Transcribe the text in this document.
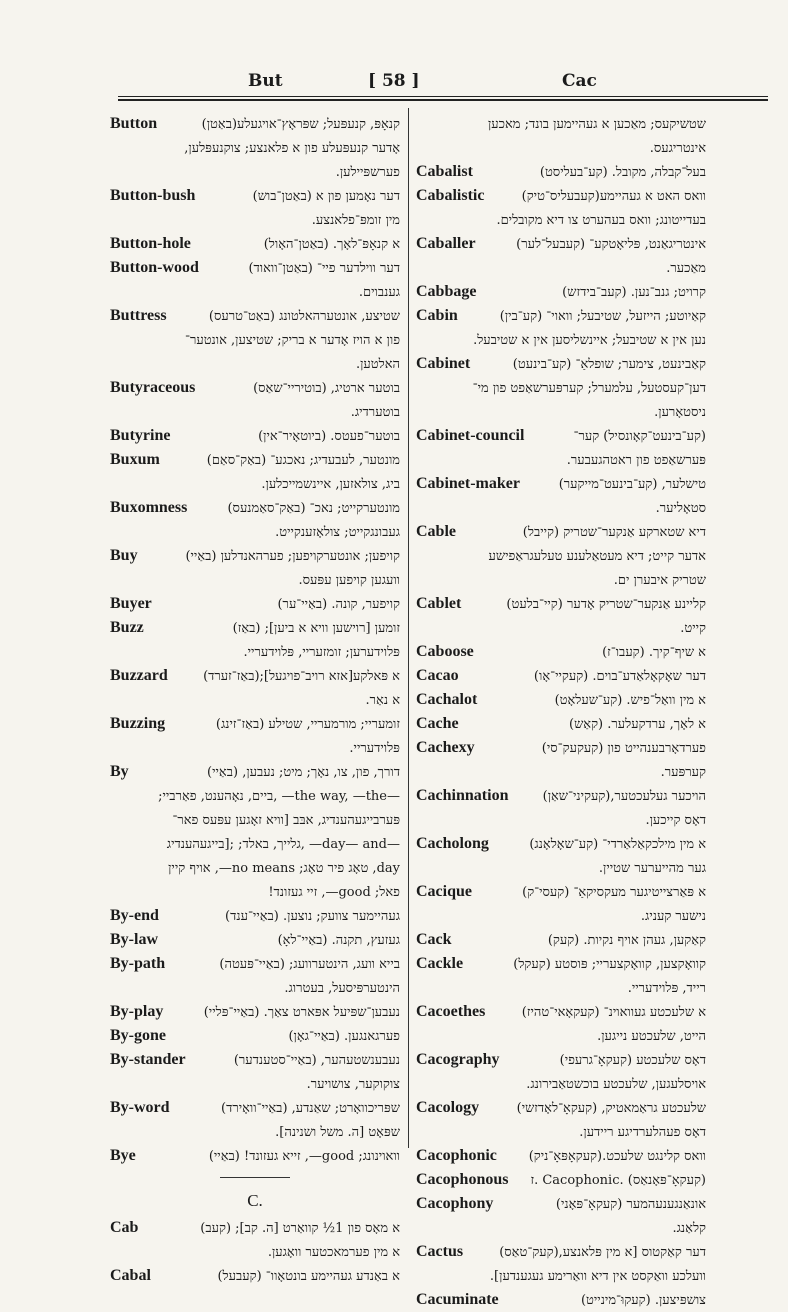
But	[ 58 ]	Cac
Button	קנאָפּ, קנעפּעל; שפּראָץ־אויגעלע(באַטן)
אָדער קנעפּעלע פון א פלאנצע; צוקנעפּלען,
פערשפּיילען.
Button-bush	דער נאָמען פון א (באַטן־בוש)
מין זומפּ־פלאנצע.
Button-hole	א קנאָפּ־לאָך. (באַטן־האָול)
Button-wood	דער ווילדער פיי־ (באַטן־וואוד)
גענבוים.
Buttress	שטיצע, אונטערהאלטונג (באַט־טרעס)
פון א הויז אָדער א בריק; שטיצען, אונטער־
האלטען.
Butyraceous	בוטער ארטיג, (בוטיריי־שאַס)
בוטערדיג.
Butyrine	בוטער־פעטס. (ביוטאָיר־אין)
Buxum	מונטער, לעבעדיג; נאכגע־ (באַק־סאַם)
ביג, צולאזען, איינשמייכלען.
Buxomness	מונטערקייט; נאכ־ (באַק־סאַמנעס)
געבונגקייט; צולאָזענקייט.
Buy	קויפען; אונטערקויפען; פערהאנדלען (באַיי)
וועגען קויפען עפּעס.
Buyer	קויפער, קונה. (באַיי־ער)
Buzz	זומען [רוישען וויא א ביען]; (באַז)
פּלוידערען; זומזעריי, פּלוידעריי.
Buzzard	א פּאלקע[אזא רויב־פויגעל];(באַז־זערד)
א נאַר.
Buzzing	זומעריי; מורמעריי, שטילע (באַז־זינג)
פּלוידעריי.
By	דורך, פון, צו, נאָך; מיט; נעבען, (באַיי)
—the way, —the— ,ביים, נאָהענט, פאַרביי;
פּערבייגעהענדיג, אבּב [וויא זאָגען עפּעס פאר־
—day— and— ,גלייך, באלד; ;[בייגעהענדיג
day, טאָג פיר טאָג; no means—, אויף קיין
פאל; good—, זיי געזונד!
By-end	געהיימער צוועק; נוצען. (באַיי־ענד)
By-law	געזעץ, תקנה. (באַיי־לאָ)
By-path	בייא וועג, הינטערוועג; (באַיי־פּעטה)
הינטערפּיסעל, בעטרוג.
By-play	נעבען־שפּיעל אפּארט צאַך. (באַיי־פּליי)
By-gone	פערגאנגען. (באַיי־גאָן)
By-stander	נעבענשטעהער, (באַיי־סטענדער)
צוקוקער, צושויער.
By-word	שפּריכוואָרט; שאַנדע, (באַיי־וואָירד)
שפּאָט [ה. משל ושנינה].
Bye	וואוינונג; good—, זייא געזונד! (באַיי)
C.
Cab	א מאָס פון 1½ קוואַרט [ה. קב]; (קעב)
א מין פערמאכטער וואָגען.
Cabal	א באַנדע געהיימע בונטאָוו־ (קעבעל)
שטשיקעס; מאַכען א געהיימען בונד; מאכען
אינטריגעס.
Cabalist	בעל־קבלה, מקובל. (קע־בעליסט)
Cabalistic	וואס האט א געהיימע(קעבעליס־טיק)
בעדייטונג; וואס בעהערט צו דיא מקובלים.
Caballer	אינטריגאַנט, פּליאָטקע־ (קעבעל־לער)
מאַכער.
Cabbage	קרויט; גנב־נען. (קעב־בידזש)
Cabin	קאַיוטע; הייזעל, שטיבעל; וואוי־ (קע־בין)
נען אין א שטיבעל; איינשליסען אין א שטיבעל.
Cabinet	קאַבינעט, צימער; שופלאַ־ (קע־בינעט)
דען־קעסטעל, עלמערל; קערפּערשאַפט פון מי־
ניסטאָרען.
Cabinet-council	(קע־בינעט־קאָונסיל) קער־
פּערשאַפט פון ראטהגעבער.
Cabinet-maker	טישלער, (קע־בינעט־מייקער)
סטאָליער.
Cable	דיא שטארקע אַנקער־שטריק (קייבל)
אדער קייט; דיא מעטאַלענע טעלעגראַפישע
שטריק איבערן ים.
Cablet	קליינע אַנקער־שטריק אָדער (קיי־בלעט)
קייט.
Caboose	א שיף־קיך. (קעבו־ז)
Cacao	דער שאָקאָלאַדע־בוים. (קעקיי־אָו)
Cachalot	א מין וואַל־פיש. (קע־שעלאָט)
Cache	א לאָך, ערדקעלער. (קאַש)
Cachexy	פערדאָרבענהייט פון (קעקעק־סי)
קערפּער.
Cachinnation	הויכער געלעכטער,(קעקיני־שאַן)
דאָס קייכען.
Cacholong	א מין מילכקאַלאַרדי־ (קע־שאָלאָנג)
גער מהייערער שטיין.
Cacique	א פּאַרצייטיגער מעקסיקאַ־ (קעסי־ק)
נישער קעניג.
Cack	קאַקען, געהן אויף נקיות. (קעק)
Cackle	קוואָקצען, קוואָקצעריי; פּוסטע (קעקל)
רייד, פּלוידעריי.
Cacoethes	א שלעכטע געוואוינ־ (קעקאָאי־טהיז)
הייט, שלעכטע נייגען.
Cacography	דאָס שלעכטע (קעקאָ־גרעפי)
אויסלעגען, שלעכטע בוכשטאַבירונג.
Cacology	שלעכטע גראַמאטיק, (קעקאָ־לאָדזשי)
דאָס פעהלערדיגע ריידען.
Cacophonic	וואס קלינגט שלעכט.(קעקאָפּאָ־ניק)
Cacophonous	(קעקאָ־פּאָנאַס) .Cacophonic .ז
Cacophony	אונאַנגענעהמער (קעקאָ־פּאָני)
קלאַנג.
Cactus	דער קאַקטוס [א מין פּלאנצע,(קעק־טאַס)
וועלכע וואַקסט אין דיא וואַרימע געגענדען].
Cacuminate	צושפּיצען. (קעקוּ־מינייט)
